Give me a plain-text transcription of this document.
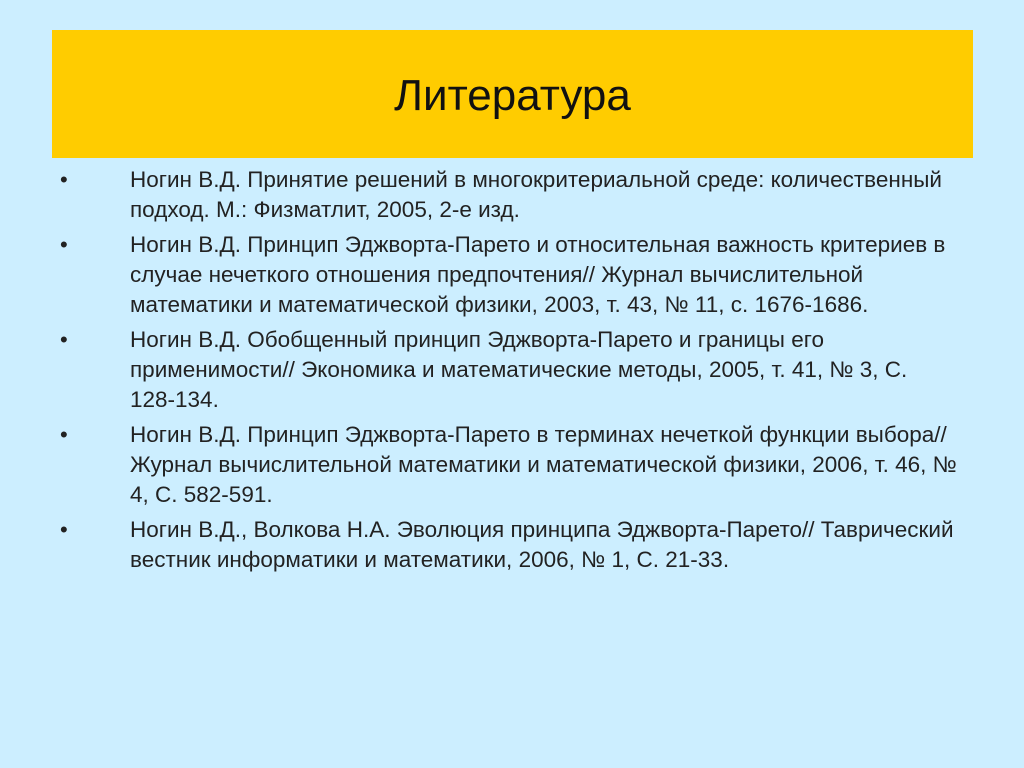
Литература
•	Ногин В.Д. Принятие решений в многокритериальной среде: количественный подход. М.: Физматлит, 2005, 2-е изд.
•	Ногин В.Д. Принцип Эджворта-Парето и относительная важность критериев в случае нечеткого отношения предпочтения// Журнал вычислительной математики и математической физики, 2003, т. 43, № 11, с. 1676-1686.
•	Ногин В.Д. Обобщенный принцип Эджворта-Парето и границы его применимости// Экономика и математические методы, 2005, т. 41, № 3, С. 128-134.
•	Ногин В.Д. Принцип Эджворта-Парето в терминах нечеткой функции выбора// Журнал вычислительной математики и математической физики, 2006, т. 46, № 4, С. 582-591.
•	Ногин В.Д., Волкова Н.А. Эволюция принципа Эджворта-Парето// Таврический вестник информатики и математики, 2006, № 1, С. 21-33.
